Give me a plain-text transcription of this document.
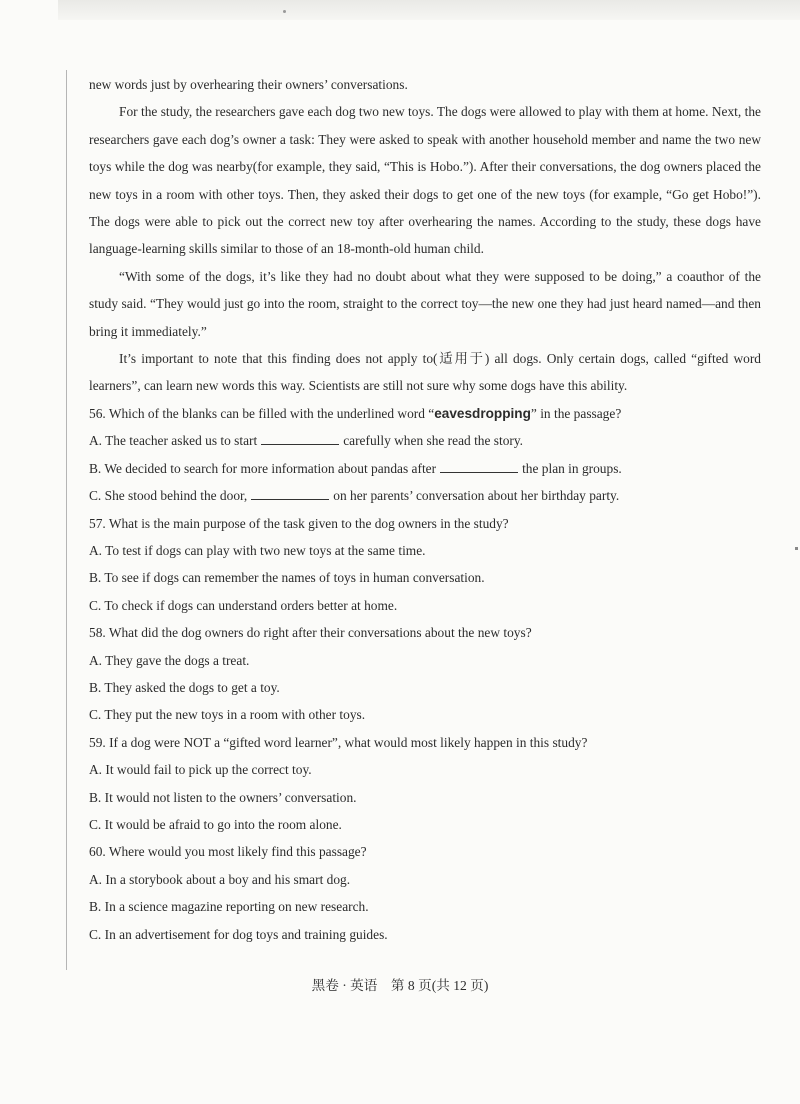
new words just by overhearing their owners’ conversations.

For the study, the researchers gave each dog two new toys. The dogs were allowed to play with them at home. Next, the researchers gave each dog’s owner a task: They were asked to speak with another household member and name the two new toys while the dog was nearby(for example, they said, “This is Hobo.”). After their conversations, the dog owners placed the new toys in a room with other toys. Then, they asked their dogs to get one of the new toys (for example, “Go get Hobo!”). The dogs were able to pick out the correct new toy after overhearing the names. According to the study, these dogs have language-learning skills similar to those of an 18-month-old human child.

“With some of the dogs, it’s like they had no doubt about what they were supposed to be doing,” a coauthor of the study said. “They would just go into the room, straight to the correct toy—the new one they had just heard named—and then bring it immediately.”

It’s important to note that this finding does not apply to(适用于) all dogs. Only certain dogs, called “gifted word learners”, can learn new words this way. Scientists are still not sure why some dogs have this ability.

56. Which of the blanks can be filled with the underlined word “eavesdropping” in the passage?

A. The teacher asked us to start	carefully when she read the story.

B. We decided to search for more information about pandas after	the plan in groups.

C. She stood behind the door,	on her parents’ conversation about her birthday party.

57. What is the main purpose of the task given to the dog owners in the study?

A. To test if dogs can play with two new toys at the same time.

B. To see if dogs can remember the names of toys in human conversation.

C. To check if dogs can understand orders better at home.

58. What did the dog owners do right after their conversations about the new toys?

A. They gave the dogs a treat.

B. They asked the dogs to get a toy.

C. They put the new toys in a room with other toys.

59. If a dog were NOT a “gifted word learner”, what would most likely happen in this study?

A. It would fail to pick up the correct toy.

B. It would not listen to the owners’ conversation.

C. It would be afraid to go into the room alone.

60. Where would you most likely find this passage?

A. In a storybook about a boy and his smart dog.

B. In a science magazine reporting on new research.

C. In an advertisement for dog toys and training guides.

黑卷 · 英语　第 8 页(共 12 页)
